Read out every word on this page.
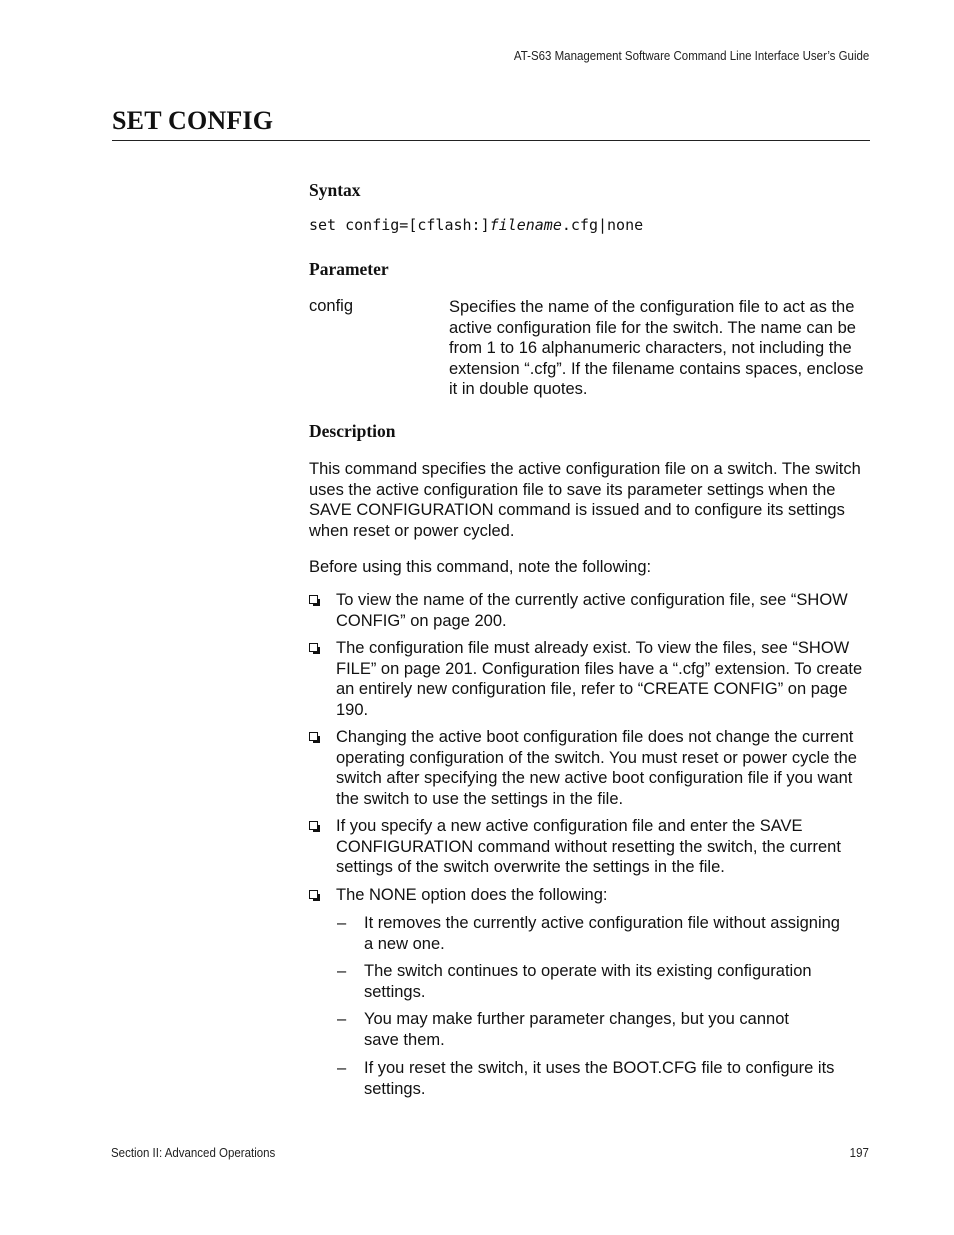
AT-S63 Management Software Command Line Interface User’s Guide
SET CONFIG
Syntax
set config=[cflash:]filename.cfg|none
Parameter
config	Specifies the name of the configuration file to act as the active configuration file for the switch. The name can be from 1 to 16 alphanumeric characters, not including the extension “.cfg”. If the filename contains spaces, enclose it in double quotes.

Description

This command specifies the active configuration file on a switch. The switch uses the active configuration file to save its parameter settings when the SAVE CONFIGURATION command is issued and to configure its settings when reset or power cycled.

Before using this command, note the following:

To view the name of the currently active configuration file, see “SHOW CONFIG” on page 200.

The configuration file must already exist. To view the files, see “SHOW FILE” on page 201. Configuration files have a “.cfg” extension. To create an entirely new configuration file, refer to “CREATE CONFIG” on page 190.

Changing the active boot configuration file does not change the current operating configuration of the switch. You must reset or power cycle the switch after specifying the new active boot configuration file if you want the switch to use the settings in the file.

If you specify a new active configuration file and enter the SAVE CONFIGURATION command without resetting the switch, the current settings of the switch overwrite the settings in the file.

The NONE option does the following:

– It removes the currently active configuration file without assigning a new one.

– The switch continues to operate with its existing configuration settings.

– You may make further parameter changes, but you cannot save them.

– If you reset the switch, it uses the BOOT.CFG file to configure its settings.

Section II: Advanced Operations	197
